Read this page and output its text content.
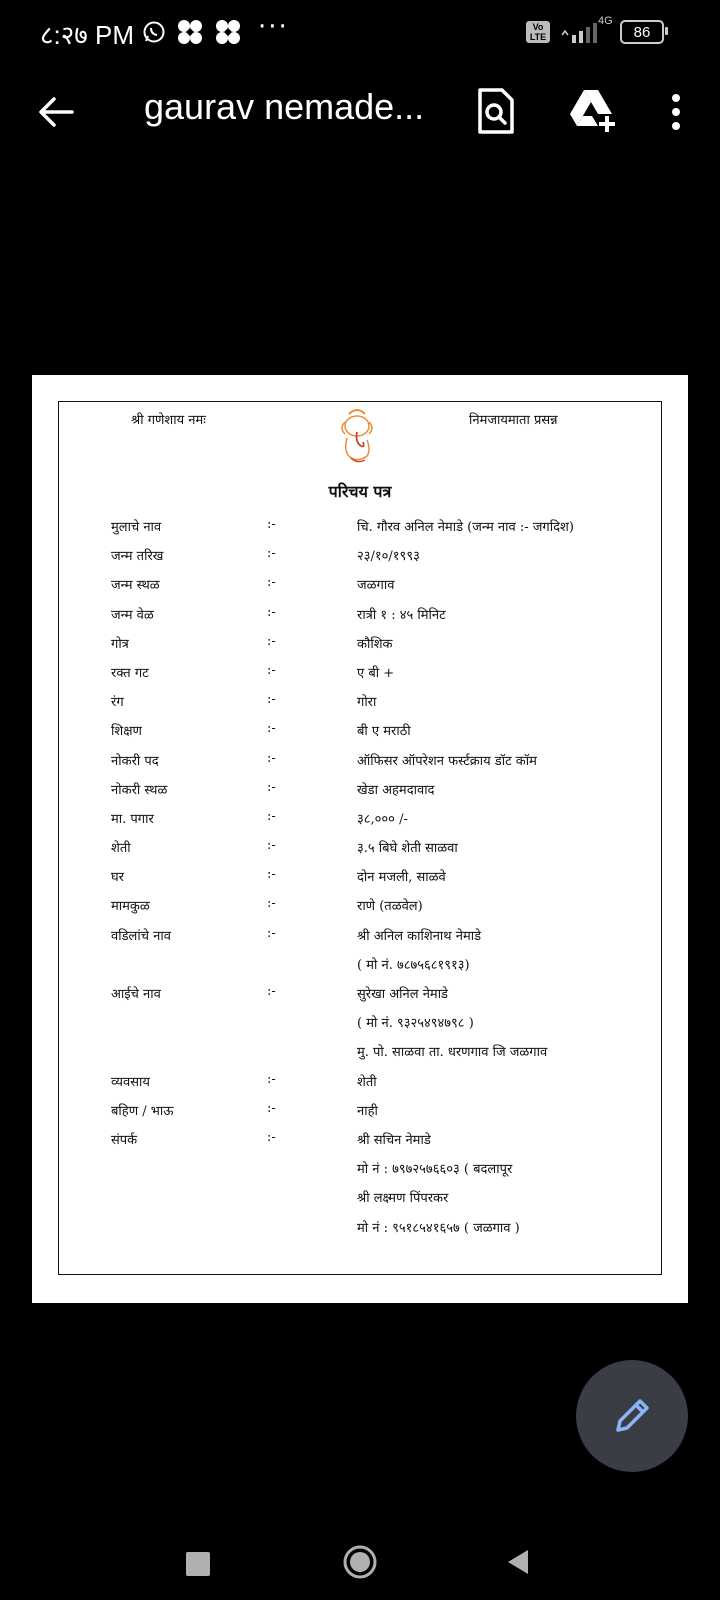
८:२७ PM	···	Vo LTE
4G
86
gaurav nemade...
श्री गणेशाय नमः	निमजायमाता प्रसन्न
परिचय पत्र
मुलाचे नाव	:-	चि. गौरव अनिल नेमाडे (जन्म नाव :- जगदिश)
जन्म तरिख	:-	२३/१०/१९९३
जन्म स्थळ	:-	जळगाव
जन्म वेळ	:-	रात्री १ : ४५ मिनिट
गोत्र	:-	कौशिक
रक्त गट	:-	ए बी +
रंग	:-	गोरा
शिक्षण	:-	बी ए मराठी
नोकरी पद	:-	ऑफिसर ऑपरेशन फर्स्टक्राय डॉट कॉम
नोकरी स्थळ	:-	खेडा अहमदावाद
मा. पगार	:-	३८,००० /-
शेती	:-	३.५ बिघे शेती साळवा
घर	:-	दोन मजली, साळवे
मामकुळ	:-	राणे (तळवेल)
वडिलांचे नाव	:-	श्री अनिल काशिनाथ नेमाडे
( मो नं. ७८७५६८१९१३)
आईचे नाव	:-	सुरेखा अनिल नेमाडे
( मो नं. ९३२५४९४७९८ )
मु. पो. साळवा ता. धरणगाव जि जळगाव
व्यवसाय	:-	शेती
बहिण / भाऊ	:-	नाही
संपर्क	:-	श्री सचिन नेमाडे
मो नं : ७९७२५७६६०३ ( बदलापूर
श्री लक्ष्मण पिंपरकर
मो नं : ९५१८५४१६५७ ( जळगाव )
